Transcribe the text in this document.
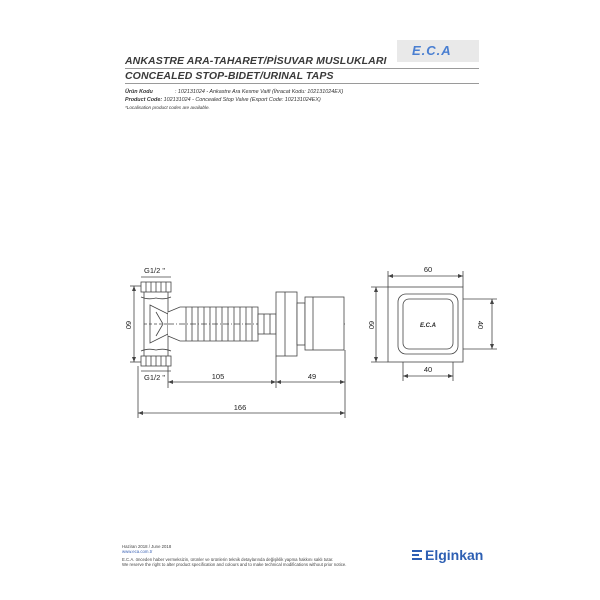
ANKASTRE ARA-TAHARET/PİSUVAR MUSLUKLARI
CONCEALED STOP-BIDET/URINAL TAPS
E.C.A
Ürün Kodu	: 102131024 - Ankastre Ara Kesme Vaifi (İhracat Kodu: 102131024EX)
Product Code: 102131024 - Concealed Stop Valve (Export Code: 102131024EX)
*Localisation product codes are available.
G1/2 "
G1/2 "
60
105	49
166
60
60	40
40
E.C.A
Haziran 2018 / June 2018
www.eca.com.tr
E.C.A. önceden haber vermeksizin, ürünler ve ürünlerin teknik detaylarında değişiklik yapma hakkını saklı tutar.
We reserve the right to alter product specification and colours and to make technical modifications without prior notice.
Elginkan
